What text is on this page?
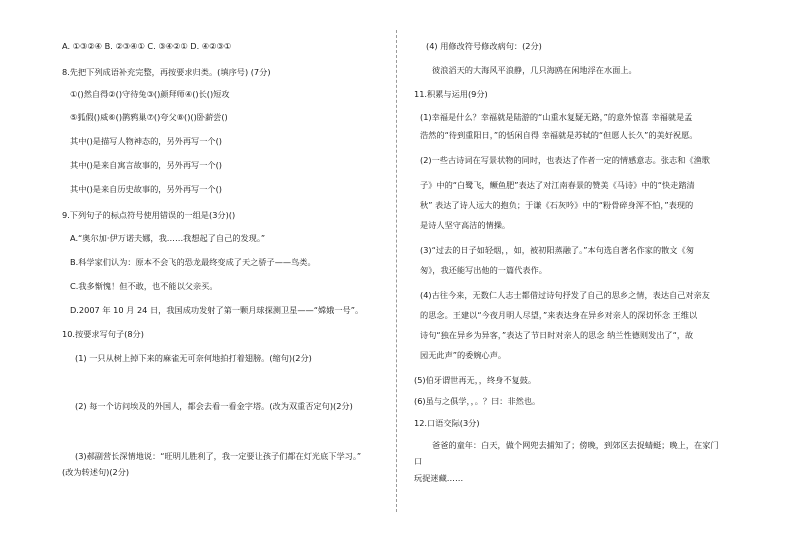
A. ①③②④ B. ②③④① C. ③④②① D. ④②③①
8.先把下列成语补充完整，再按要求归类。(填序号) (7分)
①()然自得②()守待兔③()颜拜师④()长()短攻
⑤狐假()威⑥()鹊鸦巢⑦()夸父⑧()()卧薪尝()
其中()是描写人物神态的，另外再写一个()
其中()是来自寓言故事的，另外再写一个()
其中()是来自历史故事的，另外再写一个()
9.下列句子的标点符号使用错误的一组是(3分)()
A.“奥尔加·伊万诺夫娜，我……我想起了自己的发现。”
B.科学家们认为：原本不会飞的恐龙最终变成了天之骄子——鸟类。
C.我多惭愧！但不敢，也不能以父亲买。
D.2007 年 10 月 24 日，我国成功发射了第一颗月球探测卫星——“嫦娥一号”。
10.按要求写句子(8分)
(1) 一只从树上掉下来的麻雀无可奈何地拍打着翅膀。(缩句)(2分)
(2) 每一个访问埃及的外国人，都会去看一看金字塔。(改为双重否定句)(2分)
(3)郝副营长深情地说：“旺明儿胜利了，我一定要让孩子们都在灯光底下学习。”
(改为转述句)(2分)
(4) 用修改符号修改病句：(2分)
彼浪滔天的大海风平浪静，几只海鸥在闲地浮在水面上。
11.积累与运用(9分)
(1)幸福是什么？幸福就是陆游的“山重水复疑无路，”的意外惊喜 幸福就是孟
浩然的“待到重阳日，”的恬闲自得 幸福就是苏轼的“但愿人长久”的美好祝愿。
(2)一些古诗词在写景状物的同时，也表达了作者一定的情感意志。张志和《渔歌
子》中的“白鹭飞，鳜鱼肥”表达了对江南春景的赞美《马诗》中的“快走踏清
秋” 表达了诗人远大的抱负；于谦《石灰吟》中的“粉骨碎身浑不怕，”表现的
是诗人坚守高洁的情操。
(3)“过去的日子如轻烟，，如，被初阳蒸融了。”本句选自著名作家的散文《匆
匆》，我还能写出他的一篇代表作。
(4)古往今来，无数仁人志士都借过诗句抒发了自己的思乡之情，表达自己对亲友
的思念。王建以“今夜月明人尽望，”来表达身在异乡对亲人的深切怀念 王维以
诗句“独在异乡为异客，”表达了节日时对亲人的思念 纳兰性德则发出了“，故
园无此声”的委婉心声。
(5)伯牙谓世再无，，终身不复鼓。
(6)虽与之俱学，，。？曰：非然也。
12.口语交际(3分)
爸爸的童年：白天，做个网兜去捕知了；傍晚，到郊区去捉蜻蜓；晚上，在家门
口
玩捉迷藏……
